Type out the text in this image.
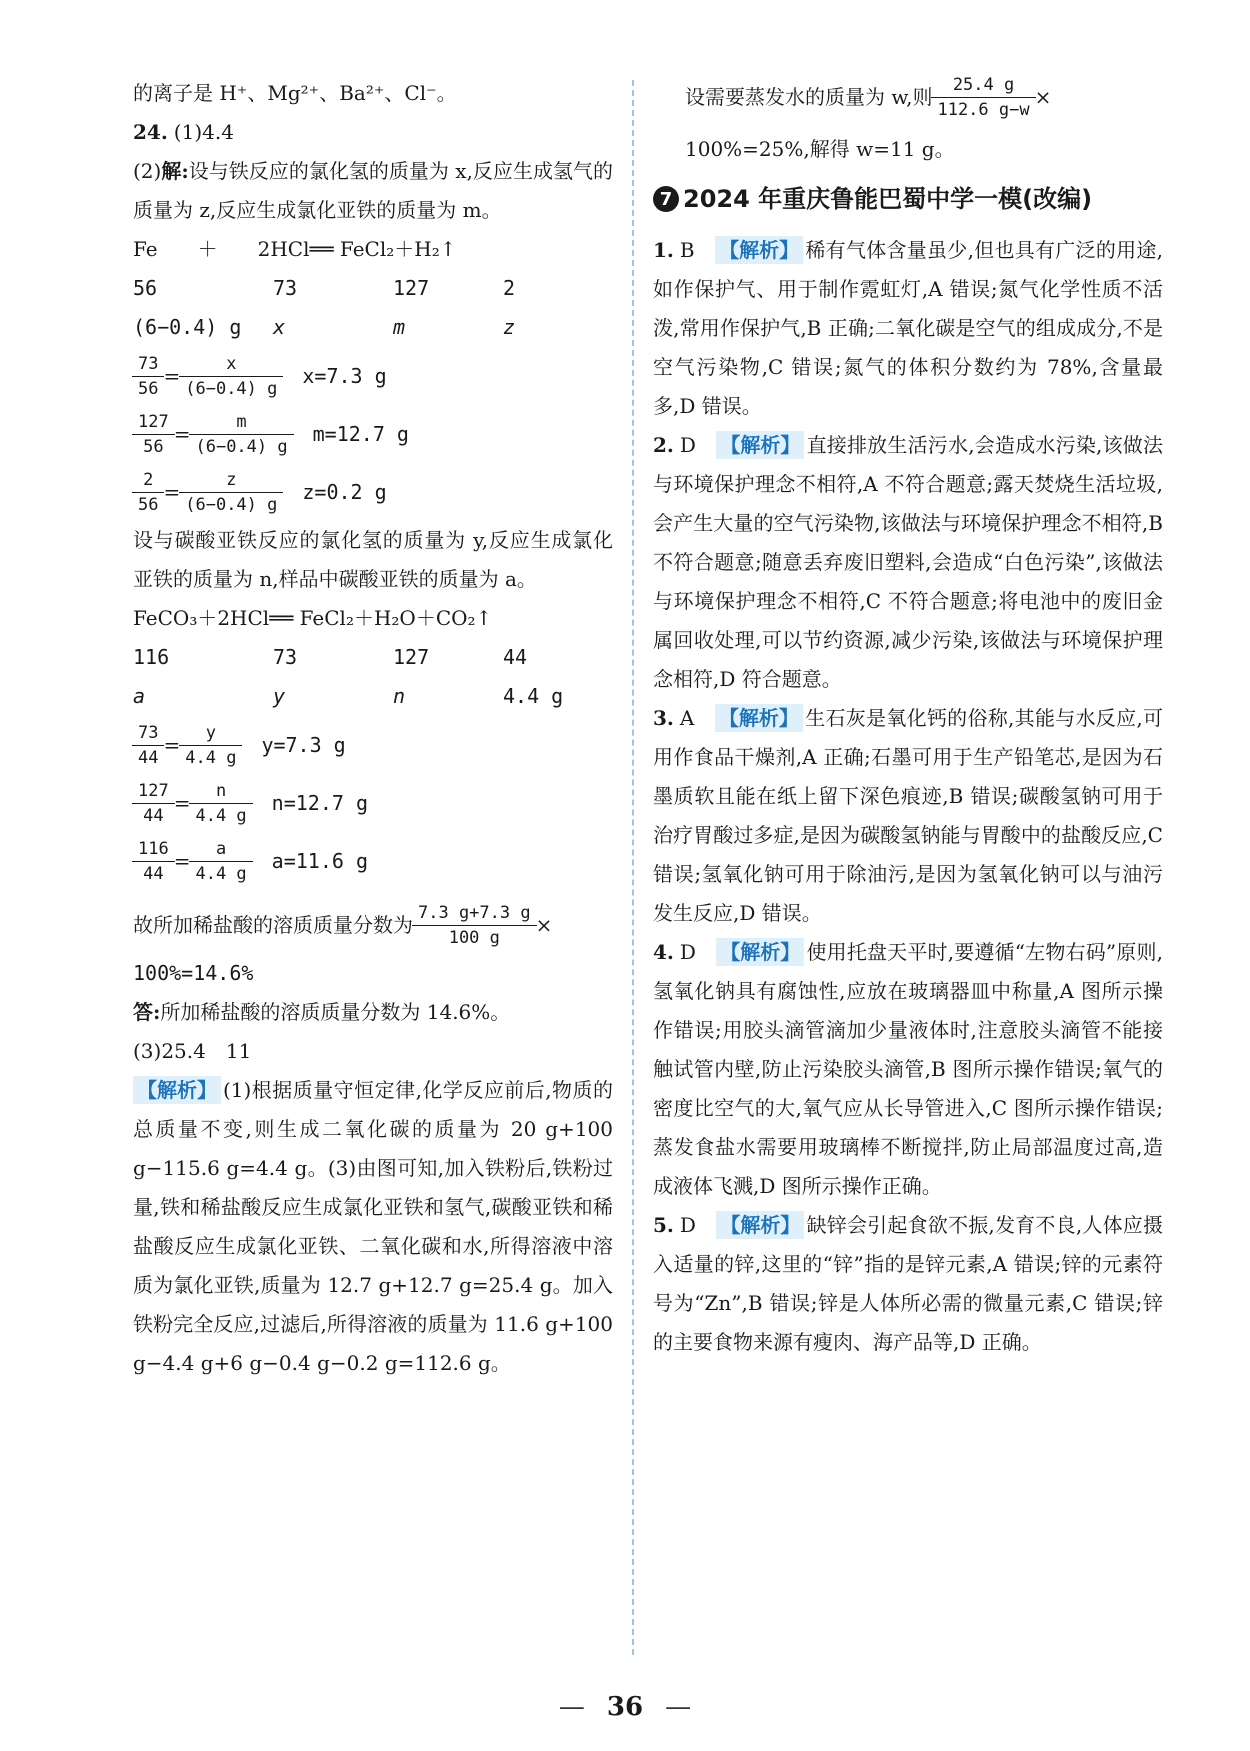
的离子是 H⁺、Mg²⁺、Ba²⁺、Cl⁻。
24. (1)4.4
(2)解:设与铁反应的氯化氢的质量为 x,反应生成氢气的质量为 z,反应生成氯化亚铁的质量为 m。
Fe　　＋　　2HCl══ FeCl₂＋H₂↑
56	73	127	2
(6−0.4) g	x	m	z
$\frac{73}{56} = \frac{x}{(6-0.4) g} x=7.3$ g
$\frac{127}{56} = \frac{m}{(6-0.4) g} m=12.7$ g
$\frac{2}{56} = \frac{z}{(6-0.4) g} z=0.2$ g
设与碳酸亚铁反应的氯化氢的质量为 y,反应生成氯化亚铁的质量为 n,样品中碳酸亚铁的质量为 a。
FeCO₃＋2HCl══ FeCl₂＋H₂O＋CO₂↑
116	73	127	44
a	y	n	4.4 g
$\frac{73}{44} = \frac{y}{4.4 g} y=7.3$ g
$\frac{127}{44} = \frac{n}{4.4 g} n=12.7$ g
$\frac{116}{44} = \frac{a}{4.4 g} a=11.6$ g
故所加稀盐酸的溶质质量分数为 $\frac{7.3 g+7.3 g}{100 g}$ ×
100%=14.6%
答:所加稀盐酸的溶质质量分数为 14.6%。
(3)25.4　11
【解析】 (1)根据质量守恒定律,化学反应前后,物质的总质量不变,则生成二氧化碳的质量为 20 g+100 g−115.6 g=4.4 g。(3)由图可知,加入铁粉后,铁粉过量,铁和稀盐酸反应生成氯化亚铁和氢气,碳酸亚铁和稀盐酸反应生成氯化亚铁、二氧化碳和水,所得溶液中溶质为氯化亚铁,质量为 12.7 g+12.7 g=25.4 g。加入铁粉完全反应,过滤后,所得溶液的质量为 11.6 g+100 g−4.4 g+6 g−0.4 g−0.2 g=112.6 g。
设需要蒸发水的质量为 w,则 $\frac{25.4 g}{112.6 g-w}$ ×
100%=25%,解得 w=11 g。
7 2024 年重庆鲁能巴蜀中学一模(改编)
1. B　 【解析】 稀有气体含量虽少,但也具有广泛的用途,如作保护气、用于制作霓虹灯,A 错误;氮气化学性质不活泼,常用作保护气,B 正确;二氧化碳是空气的组成成分,不是空气污染物,C 错误;氮气的体积分数约为 78%,含量最多,D 错误。
2. D　 【解析】 直接排放生活污水,会造成水污染,该做法与环境保护理念不相符,A 不符合题意;露天焚烧生活垃圾,会产生大量的空气污染物,该做法与环境保护理念不相符,B 不符合题意;随意丢弃废旧塑料,会造成“白色污染”,该做法与环境保护理念不相符,C 不符合题意;将电池中的废旧金属回收处理,可以节约资源,减少污染,该做法与环境保护理念相符,D 符合题意。
3. A　 【解析】 生石灰是氧化钙的俗称,其能与水反应,可用作食品干燥剂,A 正确;石墨可用于生产铅笔芯,是因为石墨质软且能在纸上留下深色痕迹,B 错误;碳酸氢钠可用于治疗胃酸过多症,是因为碳酸氢钠能与胃酸中的盐酸反应,C 错误;氢氧化钠可用于除油污,是因为氢氧化钠可以与油污发生反应,D 错误。
4. D　 【解析】 使用托盘天平时,要遵循“左物右码”原则,氢氧化钠具有腐蚀性,应放在玻璃器皿中称量,A 图所示操作错误;用胶头滴管滴加少量液体时,注意胶头滴管不能接触试管内壁,防止污染胶头滴管,B 图所示操作错误;氧气的密度比空气的大,氧气应从长导管进入,C 图所示操作错误;蒸发食盐水需要用玻璃棒不断搅拌,防止局部温度过高,造成液体飞溅,D 图所示操作正确。
5. D　 【解析】 缺锌会引起食欲不振,发育不良,人体应摄入适量的锌,这里的“锌”指的是锌元素,A 错误;锌的元素符号为“Zn”,B 错误;锌是人体所必需的微量元素,C 错误;锌的主要食物来源有瘦肉、海产品等,D 正确。
— 36 —
